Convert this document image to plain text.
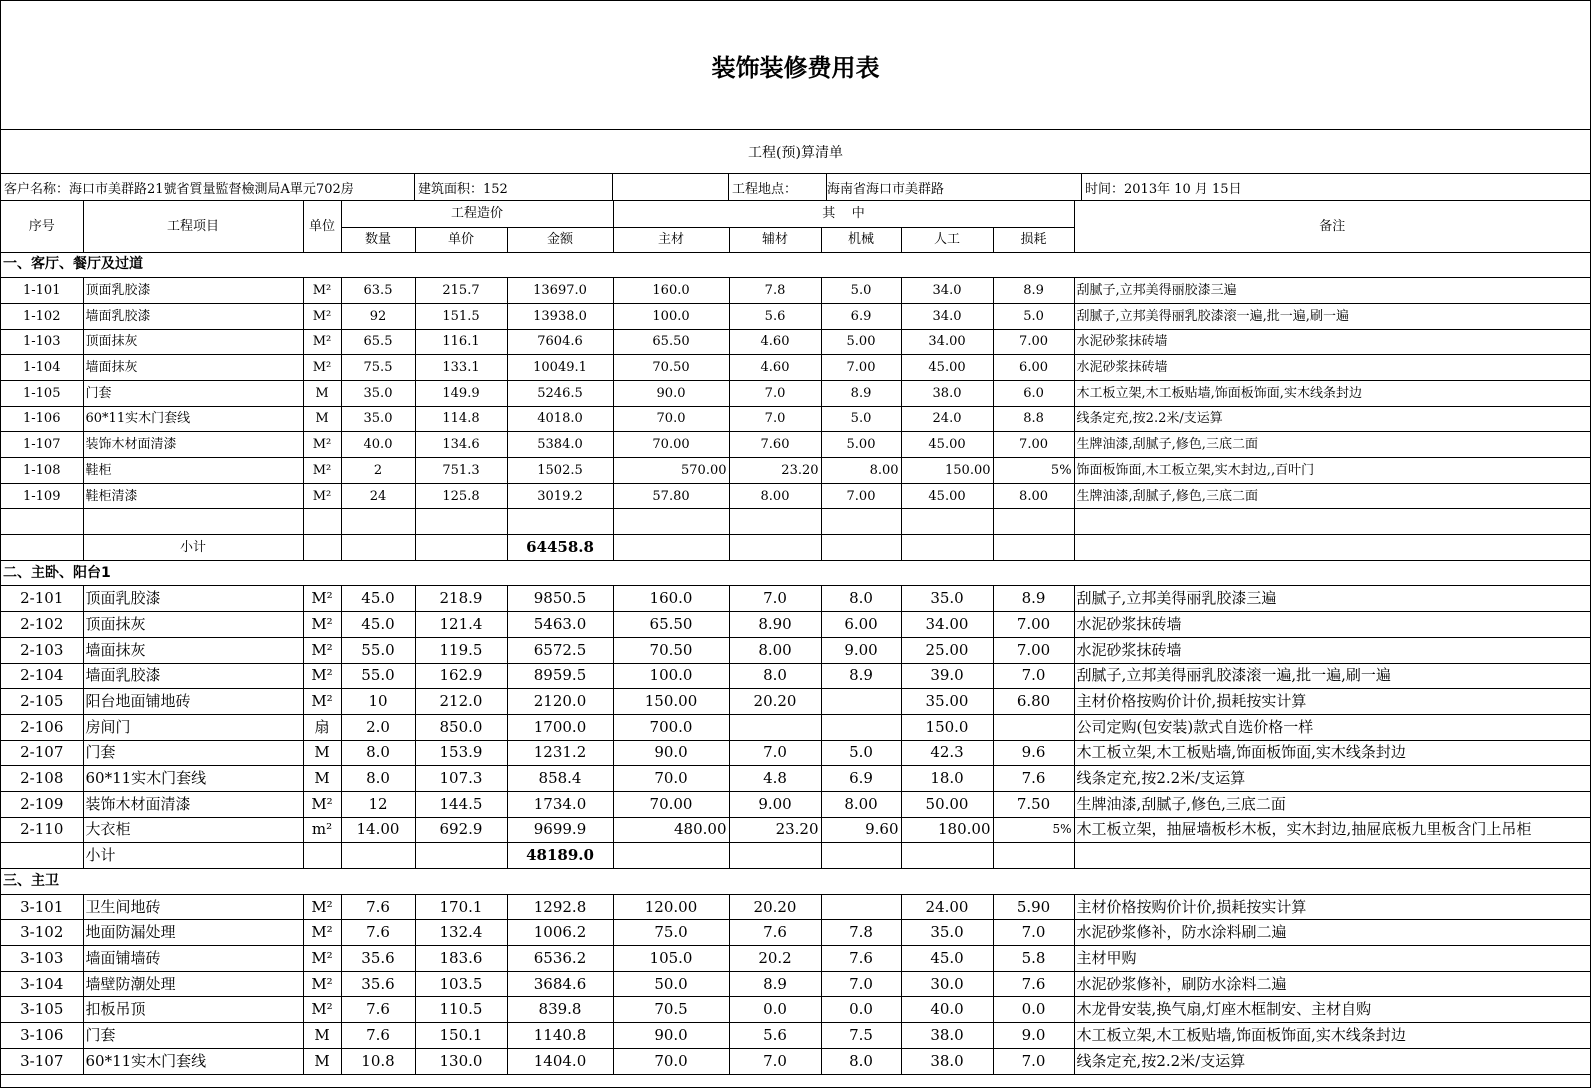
装饰装修费用表
工程(预)算清单
客户名称：海口市美群路21號省質量監督檢測局A單元702房	建筑面积：152	工程地点：	海南省海口市美群路	时间：2013年 10 月 15日
序号	工程项目	单位	工程造价			其    中					备注
			数量	单价	金额	主材	辅材	机械	人工	损耗	
一、客厅、餐厅及过道											
1-101	顶面乳胶漆	M²	63.5	215.7	13697.0	160.0	7.8	5.0	34.0	8.9	刮腻子,立邦美得丽胶漆三遍
1-102	墙面乳胶漆	M²	92	151.5	13938.0	100.0	5.6	6.9	34.0	5.0	刮腻子,立邦美得丽乳胶漆滚一遍,批一遍,刷一遍
1-103	顶面抹灰	M²	65.5	116.1	7604.6	65.50	4.60	5.00	34.00	7.00	水泥砂浆抹砖墙
1-104	墙面抹灰	M²	75.5	133.1	10049.1	70.50	4.60	7.00	45.00	6.00	水泥砂浆抹砖墙
1-105	门套	M	35.0	149.9	5246.5	90.0	7.0	8.9	38.0	6.0	木工板立架,木工板贴墙,饰面板饰面,实木线条封边
1-106	60*11实木门套线	M	35.0	114.8	4018.0	70.0	7.0	5.0	24.0	8.8	线条定充,按2.2米/支运算
1-107	装饰木材面清漆	M²	40.0	134.6	5384.0	70.00	7.60	5.00	45.00	7.00	生牌油漆,刮腻子,修色,三底二面
1-108	鞋柜	M²	2	751.3	1502.5	570.00	23.20	8.00	150.00	5%	饰面板饰面,木工板立架,实木封边,,百叶门
1-109	鞋柜清漆	M²	24	125.8	3019.2	57.80	8.00	7.00	45.00	8.00	生牌油漆,刮腻子,修色,三底二面

	小计				64458.8						
二、主卧、阳台1											
2-101	顶面乳胶漆	M²	45.0	218.9	9850.5	160.0	7.0	8.0	35.0	8.9	刮腻子,立邦美得丽乳胶漆三遍
2-102	顶面抹灰	M²	45.0	121.4	5463.0	65.50	8.90	6.00	34.00	7.00	水泥砂浆抹砖墙
2-103	墙面抹灰	M²	55.0	119.5	6572.5	70.50	8.00	9.00	25.00	7.00	水泥砂浆抹砖墙
2-104	墙面乳胶漆	M²	55.0	162.9	8959.5	100.0	8.0	8.9	39.0	7.0	刮腻子,立邦美得丽乳胶漆滚一遍,批一遍,刷一遍
2-105	阳台地面铺地砖	M²	10	212.0	2120.0	150.00	20.20		35.00	6.80	主材价格按购价计价,损耗按实计算
2-106	房间门	扇	2.0	850.0	1700.0	700.0			150.0		公司定购(包安装)款式自选价格一样
2-107	门套	M	8.0	153.9	1231.2	90.0	7.0	5.0	42.3	9.6	木工板立架,木工板贴墙,饰面板饰面,实木线条封边
2-108	60*11实木门套线	M	8.0	107.3	858.4	70.0	4.8	6.9	18.0	7.6	线条定充,按2.2米/支运算
2-109	装饰木材面清漆	M²	12	144.5	1734.0	70.00	9.00	8.00	50.00	7.50	生牌油漆,刮腻子,修色,三底二面
2-110	大衣柜	m²	14.00	692.9	9699.9	480.00	23.20	9.60	180.00	5%	木工板立架，抽屉墙板杉木板，实木封边,抽屉底板九里板含门上吊柜
	小计				48189.0						
三、主卫											
3-101	卫生间地砖	M²	7.6	170.1	1292.8	120.00	20.20		24.00	5.90	主材价格按购价计价,损耗按实计算
3-102	地面防漏处理	M²	7.6	132.4	1006.2	75.0	7.6	7.8	35.0	7.0	水泥砂浆修补，防水涂料刷二遍
3-103	墙面铺墙砖	M²	35.6	183.6	6536.2	105.0	20.2	7.6	45.0	5.8	主材甲购
3-104	墙壁防潮处理	M²	35.6	103.5	3684.6	50.0	8.9	7.0	30.0	7.6	水泥砂浆修补，刷防水涂料二遍
3-105	扣板吊顶	M²	7.6	110.5	839.8	70.5	0.0	0.0	40.0	0.0	木龙骨安装,换气扇,灯座木框制安、主材自购
3-106	门套	M	7.6	150.1	1140.8	90.0	5.6	7.5	38.0	9.0	木工板立架,木工板贴墙,饰面板饰面,实木线条封边
3-107	60*11实木门套线	M	10.8	130.0	1404.0	70.0	7.0	8.0	38.0	7.0	线条定充,按2.2米/支运算
